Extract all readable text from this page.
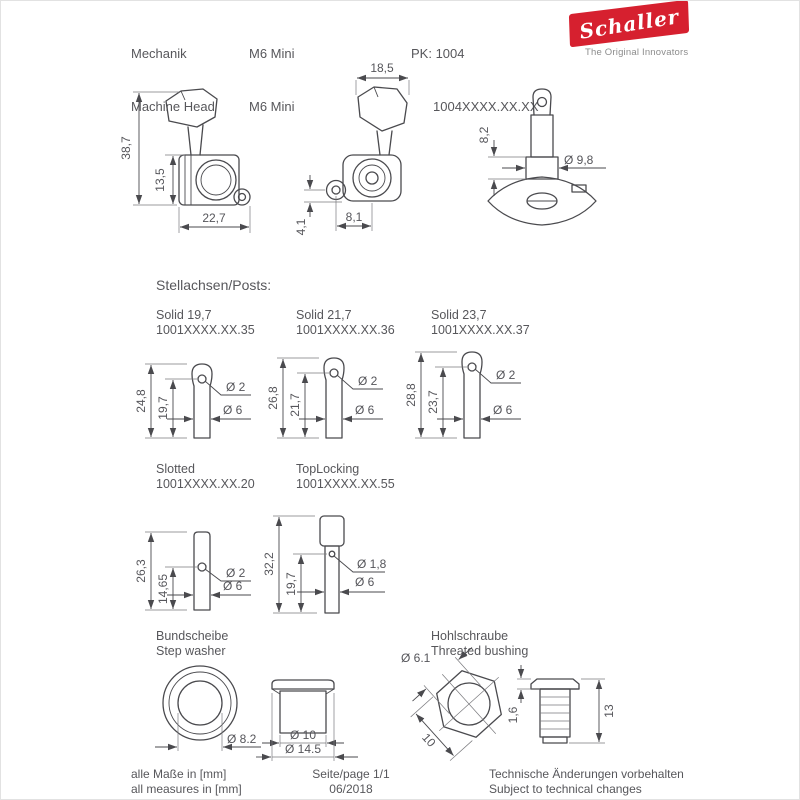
Mechanik

Machine Head

M6 Mini

M6 Mini

PK: 1004

1004XXXX.XX.XX

Schaller
The Original Innovators
38,7
13,5
22,7
18,5
4,1
8,1
8,2
Ø 9,8
Stellachsen/Posts:
Solid 19,7
1001XXXX.XX.35
Solid 21,7
1001XXXX.XX.36
Solid 23,7
1001XXXX.XX.37
24,8 19,7
Ø 2
Ø 6
26,8 21,7
Ø 2
Ø 6
28,8 23,7
Ø 2
Ø 6
Slotted
1001XXXX.XX.20
TopLocking
1001XXXX.XX.55
26,3
14,65
Ø 2
Ø 6
32,2
19,7
Ø 1,8
Ø 6
Bundscheibe
Step washer
Hohlschraube
Threated bushing
Ø 8.2	Ø 10
Ø 14.5	10
Ø 6.1
1,6	13
alle Maße in [mm]
all measures in [mm]
Seite/page 1/1
06/2018
Technische Änderungen vorbehalten
Subject to technical changes
